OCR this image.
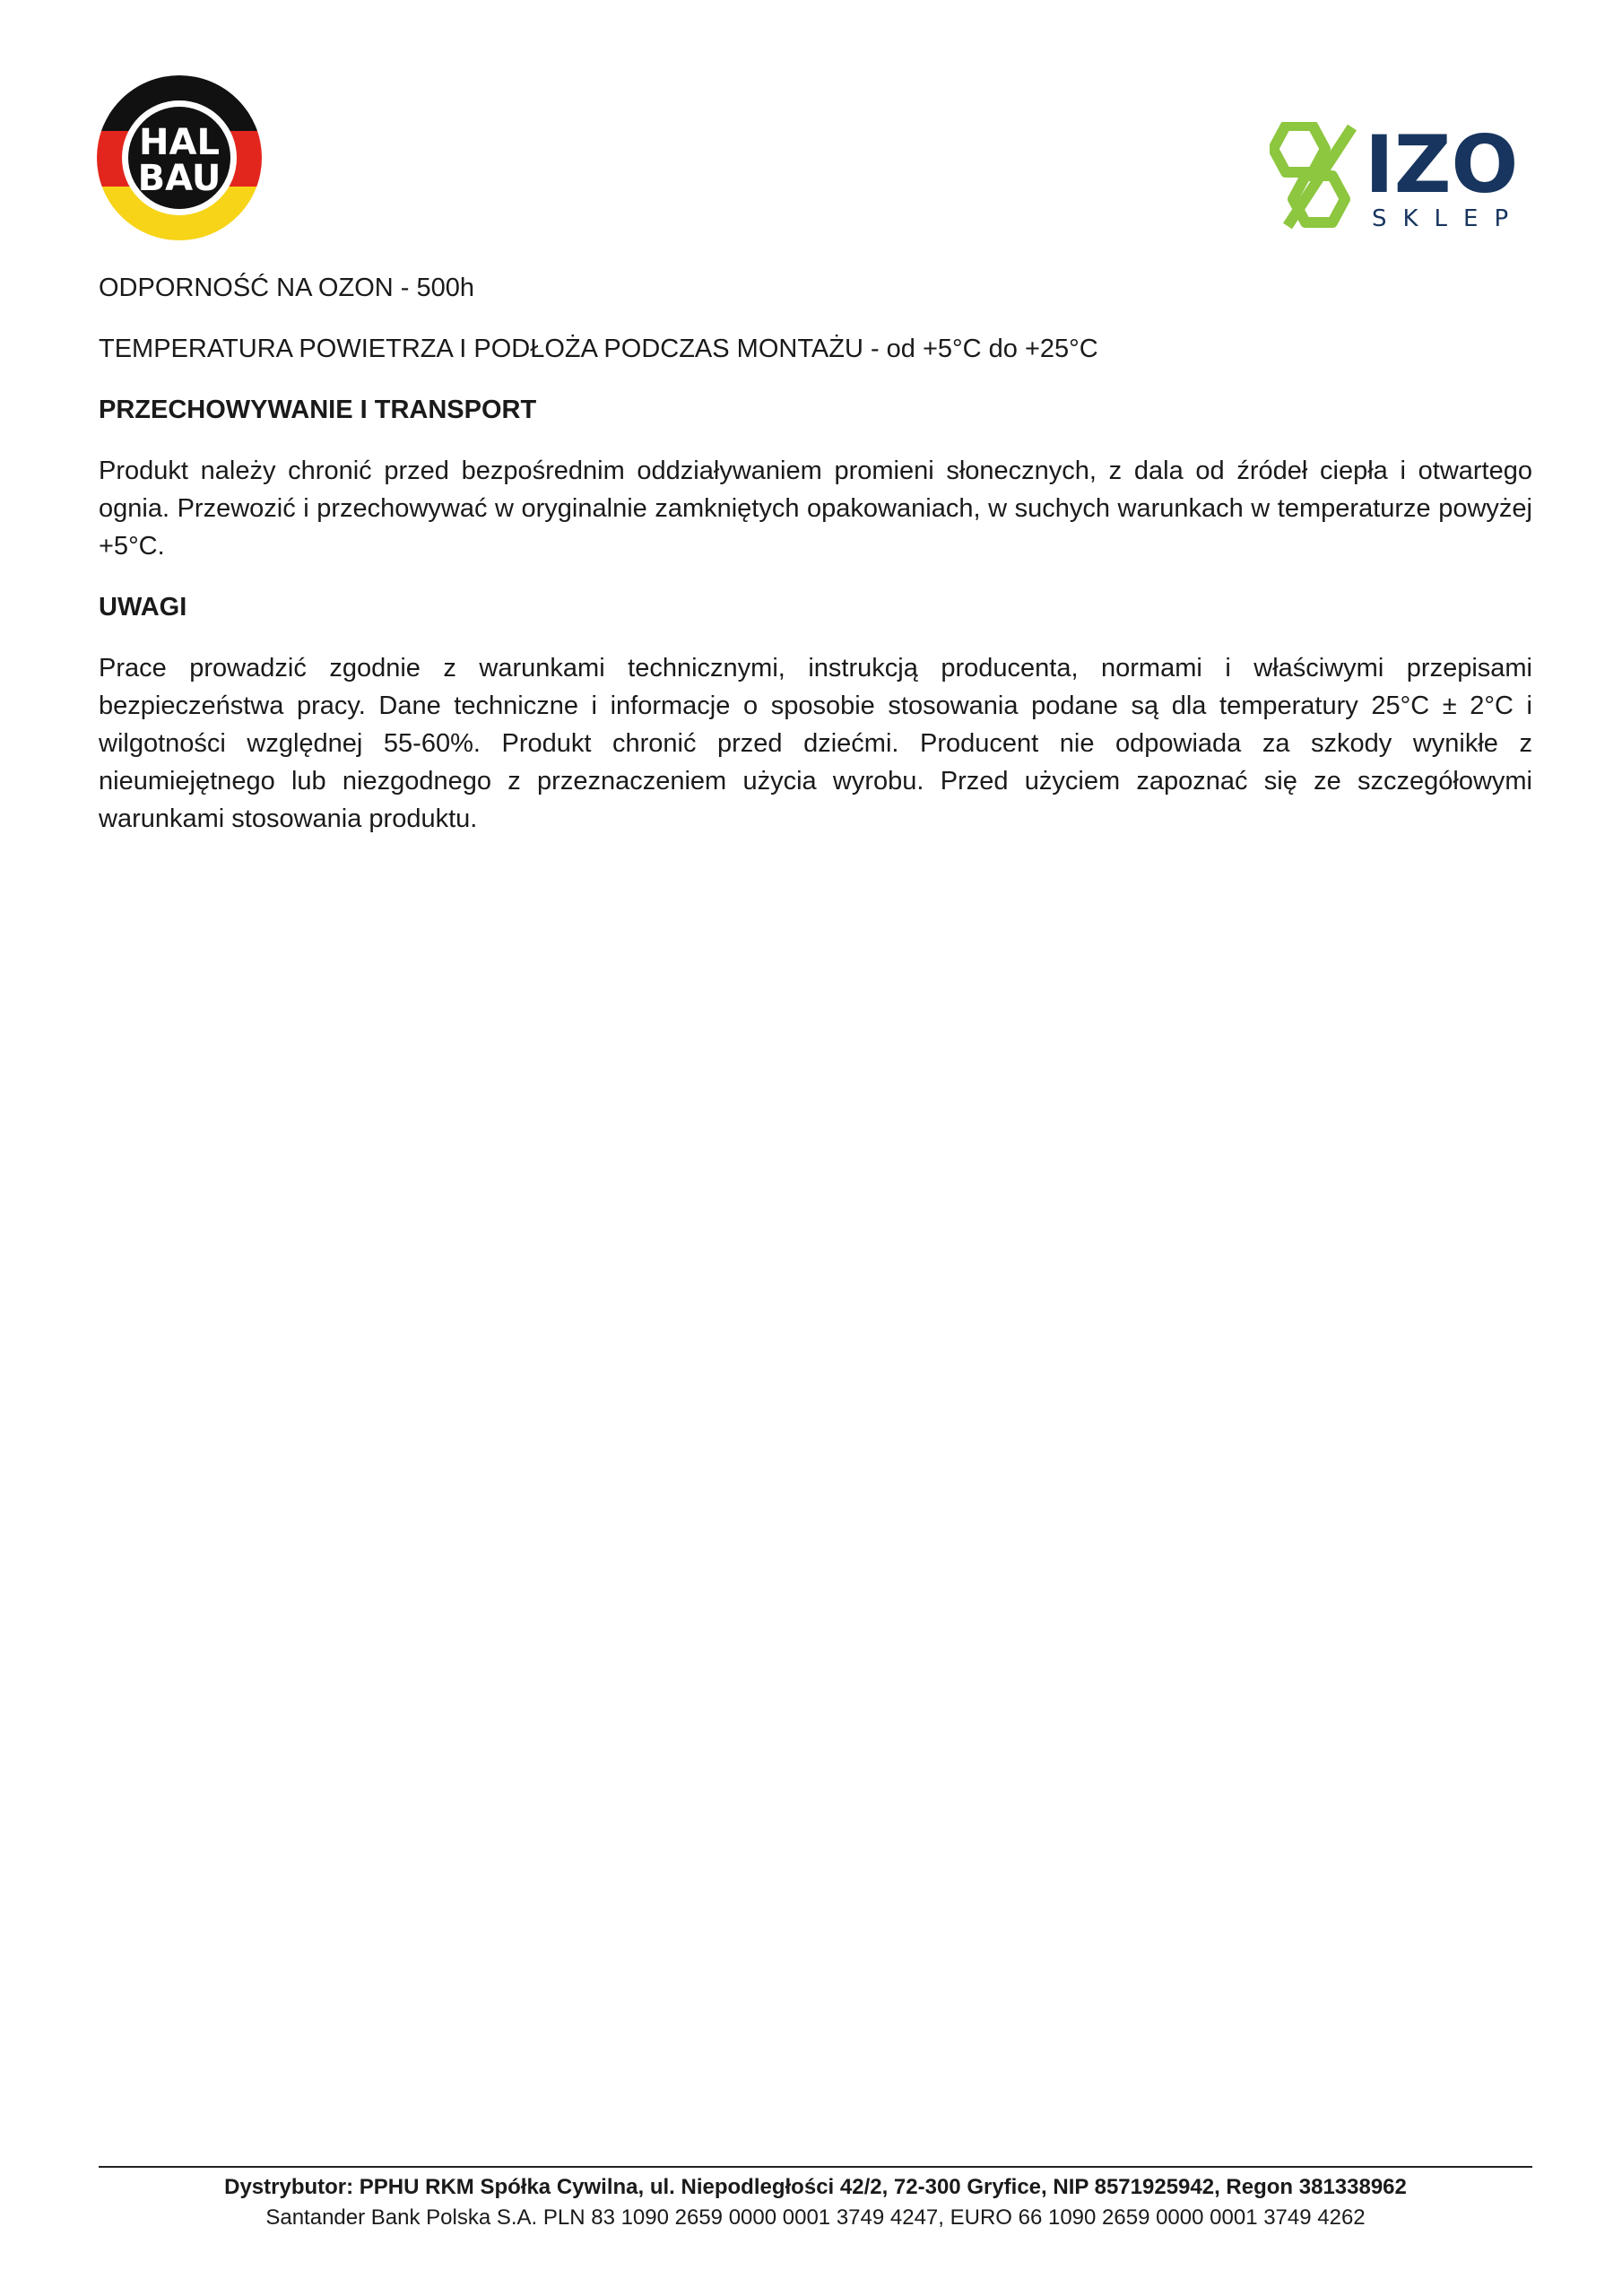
HAL
BAU	IZO
SKLEP

ODPORNOŚĆ NA OZON - 500h

TEMPERATURA POWIETRZA I PODŁOŻA PODCZAS MONTAŻU - od +5°C do +25°C

PRZECHOWYWANIE I TRANSPORT

Produkt należy chronić przed bezpośrednim oddziaływaniem promieni słonecznych, z dala od źródeł ciepła i otwartego ognia. Przewozić i przechowywać w oryginalnie zamkniętych opakowaniach, w suchych warunkach w temperaturze powyżej +5°C.

UWAGI

Prace prowadzić zgodnie z warunkami technicznymi, instrukcją producenta, normami i właściwymi przepisami bezpieczeństwa pracy. Dane techniczne i informacje o sposobie stosowania podane są dla temperatury 25°C ± 2°C i wilgotności względnej 55-60%. Produkt chronić przed dziećmi. Producent nie odpowiada za szkody wynikłe z nieumiejętnego lub niezgodnego z przeznaczeniem użycia wyrobu. Przed użyciem zapoznać się ze szczegółowymi warunkami stosowania produktu.

Dystrybutor: PPHU RKM Spółka Cywilna, ul. Niepodległości 42/2, 72-300 Gryfice, NIP 8571925942, Regon 381338962
Santander Bank Polska S.A. PLN 83 1090 2659 0000 0001 3749 4247, EURO 66 1090 2659 0000 0001 3749 4262
